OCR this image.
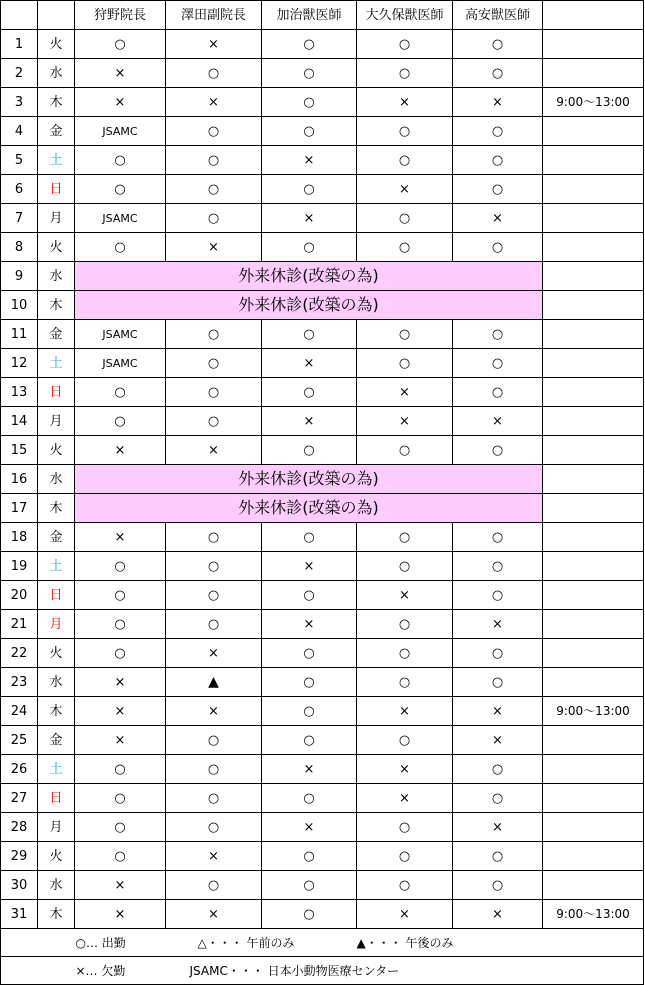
		狩野院長	澤田副院長	加治獣医師	大久保獣医師	高安獣医師	
1	火	○	×	○	○	○	
2	水	×	○	○	○	○	
3	木	×	×	○	×	×	9:00～13:00
4	金	JSAMC	○	○	○	○	
5	土	○	○	×	○	○	
6	日	○	○	○	×	○	
7	月	JSAMC	○	×	○	×	
8	火	○	×	○	○	○	
9	水	外来休診(改築の為)					
10	木	外来休診(改築の為)					
11	金	JSAMC	○	○	○	○	
12	土	JSAMC	○	×	○	○	
13	日	○	○	○	×	○	
14	月	○	○	×	×	×	
15	火	×	×	○	○	○	
16	水	外来休診(改築の為)					
17	木	外来休診(改築の為)					
18	金	×	○	○	○	○	
19	土	○	○	×	○	○	
20	日	○	○	○	×	○	
21	月	○	○	×	○	×	
22	火	○	×	○	○	○	
23	水	×	▲	○	○	○	
24	木	×	×	○	×	×	9:00～13:00
25	金	×	○	○	○	×	
26	土	○	○	×	×	○	
27	日	○	○	○	×	○	
28	月	○	○	×	○	×	
29	火	○	×	○	○	○	
30	水	×	○	○	○	○	
31	木	×	×	○	×	×	9:00～13:00
	○… 出勤		△・・・ 午前のみ		▲・・・ 午後のみ		
	×… 欠勤		JSAMC・・・ 日本小動物医療センター				
